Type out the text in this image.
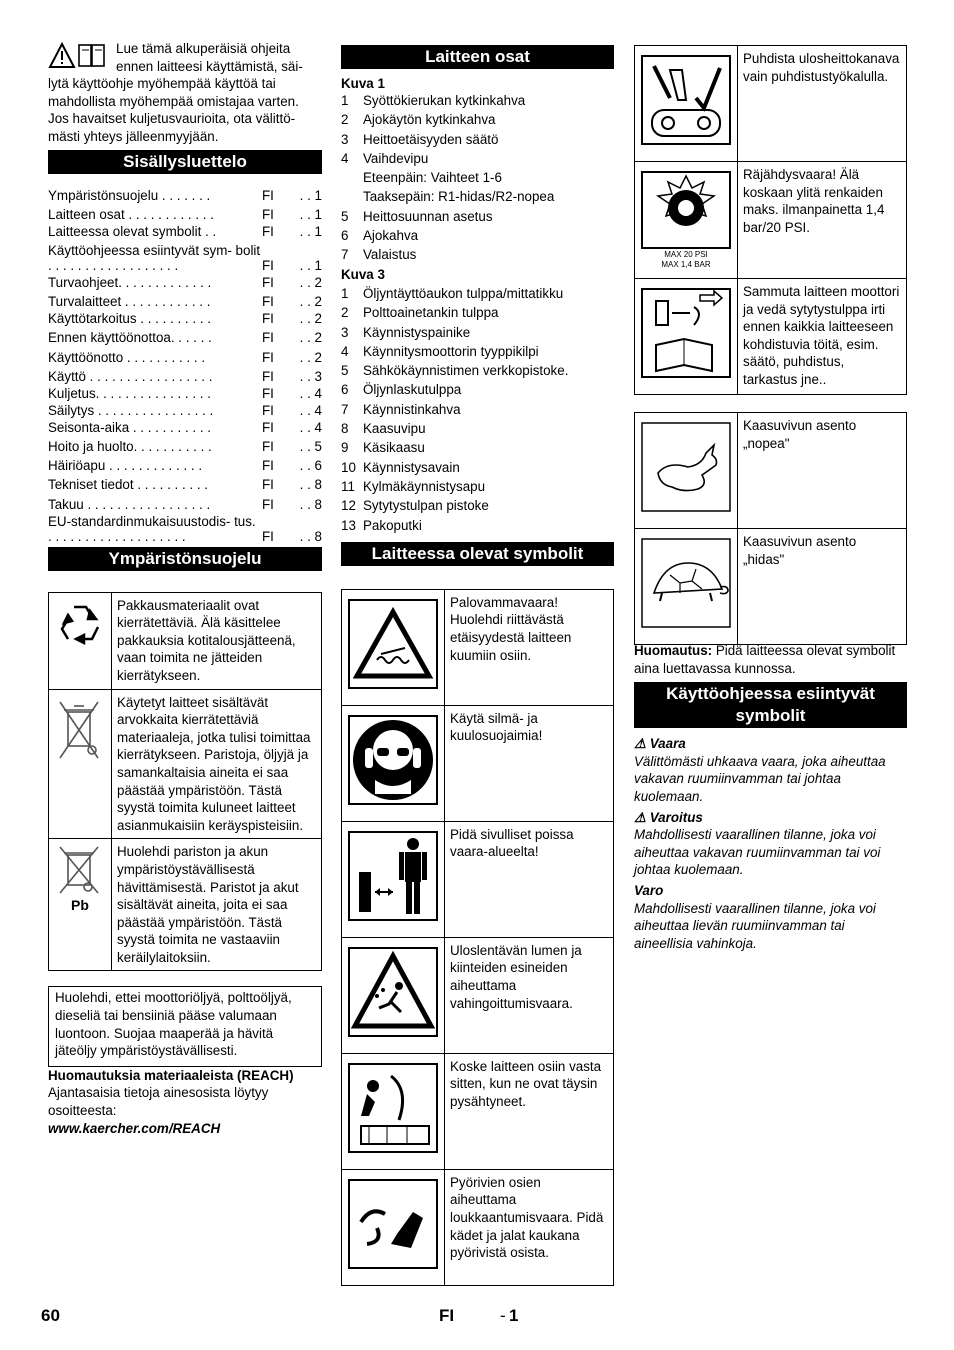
Lue tämä alkuperäisiä ohjeita
ennen laitteesi käyttämistä, säi-

lytä käyttöohje myöhempää käyttöä tai mahdollista myöhempää omistajaa varten. Jos havaitset kuljetusvaurioita, ota välittö- mästi yhteys jälleenmyyjään.

Sisällysluettelo
Ympäristönsuojelu . . . . . . .	FI	. . 1
Laitteen osat . . . . . . . . . . . .	FI	. . 1
Laitteessa olevat symbolit . .	FI	. . 1
Käyttöohjeessa esiintyvät sym- bolit . . . . . . . . . . . . . . . . . .	FI	. . 1
Turvaohjeet. . . . . . . . . . . . .	FI	. . 2
Turvalaitteet . . . . . . . . . . . .	FI	. . 2
Käyttötarkoitus . . . . . . . . . .	FI	. . 2
Ennen käyttöönottoa. . . . . .	FI	. . 2
Käyttöönotto . . . . . . . . . . .	FI	. . 2
Käyttö . . . . . . . . . . . . . . . . .	FI	. . 3
Kuljetus. . . . . . . . . . . . . . . .	FI	. . 4
Säilytys . . . . . . . . . . . . . . . .	FI	. . 4
Seisonta-aika . . . . . . . . . . .	FI	. . 4
Hoito ja huolto. . . . . . . . . . .	FI	. . 5
Häiriöapu . . . . . . . . . . . . .	FI	. . 6
Tekniset tiedot . . . . . . . . . .	FI	. . 8
Takuu . . . . . . . . . . . . . . . . .	FI	. . 8
EU-standardinmukaisuustodis- tus. . . . . . . . . . . . . . . . . . . .	FI	. . 8
Ympäristönsuojelu
	Pakkausmateriaalit ovat kierrätettäviä. Älä käsittelee pakkauksia kotitalousjätteenä, vaan toimita ne jätteiden kierrätykseen.

	Käytetyt laitteet sisältävät arvokkaita kierrätettäviä materiaaleja, jotka tulisi toimittaa kierrätykseen. Paristoja, öljyjä ja samankaltaisia aineita ei saa päästää ympäristöön. Tästä syystä toimita kuluneet laitteet asianmukaisiin keräyspisteisiin.

Pb	Huolehdi pariston ja akun ympäristöystävällisestä hävittämisestä. Paristot ja akut sisältävät aineita, joita ei saa päästää ympäristöön. Tästä syystä toimita ne vastaaviin keräilylaitoksiin.
Huolehdi, ettei moottoriöljyä, polttoöljyä, dieseliä tai bensiiniä pääse valumaan luontoon. Suojaa maaperää ja hävitä jäteöljy ympäristöystävällisesti.
Huomautuksia materiaaleista (REACH)
Ajantasaisia tietoja ainesosista löytyy osoitteesta:
www.kaercher.com/REACH
Laitteen osat
Kuva 1
1	Syöttökierukan kytkinkahva
2	Ajokäytön kytkinkahva
3	Heittoetäisyyden säätö
4	Vaihdevipu
Eteenpäin: Vaihteet 1-6
Taaksepäin: R1-hidas/R2-nopea
5	Heittosuunnan asetus
6	Ajokahva
7	Valaistus
Kuva 3
1	Öljyntäyttöaukon tulppa/mittatikku
2	Polttoainetankin tulppa
3	Käynnistyspainike
4	Käynnitysmoottorin tyyppikilpi
5	Sähkökäynnistimen verkkopistoke.
6	Öljynlaskutulppa
7	Käynnistinkahva
8	Kaasuvipu
9	Käsikaasu
10 Käynnistysavain
11 Kylmäkäynnistysapu
12 Sytytystulpan pistoke
13 Pakoputki
Laitteessa olevat symbolit
	Palovammavaara! Huolehdi riittävästä etäisyydestä laitteen kuumiin osiin.

	Käytä silmä- ja kuulosuojaimia!

	Pidä sivulliset poissa vaara-alueelta!

	Uloslentävän lumen ja kiinteiden esineiden aiheuttama vahingoittumisvaara.

	Koske laitteen osiin vasta sitten, kun ne ovat täysin pysähtyneet.

	Pyörivien osien aiheuttama loukkaantumisvaara. Pidä kädet ja jalat kaukana pyörivistä osista.
	Puhdista ulosheittokanava vain puhdistustyökalulla.

MAX 20 PSI
MAX 1,4 BAR	Räjähdysvaara! Älä koskaan ylitä renkaiden maks. ilmanpainetta 1,4 bar/20 PSI.

	Sammuta laitteen moottori ja vedä sytytystulppa irti ennen kaikkia laitteeseen kohdistuvia töitä, esim. säätö, puhdistus, tarkastus jne..
	Kaasuvivun asento „nopea"

	Kaasuvivun asento „hidas"
Huomautus: Pidä laitteessa olevat symbolit aina luettavassa kunnossa.
Käyttöohjeessa esiintyvät symbolit
⚠ Vaara
Välittömästi uhkaava vaara, joka aiheuttaa vakavan ruumiinvamman tai johtaa kuolemaan.
⚠ Varoitus
Mahdollisesti vaarallinen tilanne, joka voi aiheuttaa vakavan ruumiinvamman tai voi johtaa kuolemaan.
Varo
Mahdollisesti vaarallinen tilanne, joka voi aiheuttaa lievän ruumiinvamman tai aineellisia vahinkoja.
60	FI	- 1
